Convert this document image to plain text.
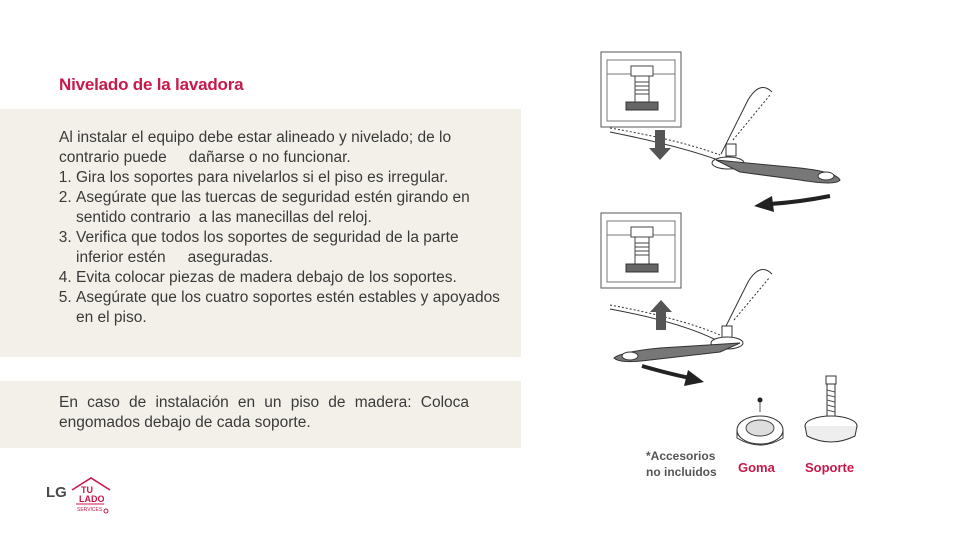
Nivelado de la lavadora
Al instalar el equipo debe estar alineado y nivelado; de lo
contrario puede dañarse o no funcionar.
1. Gira los soportes para nivelarlos si el piso es irregular.
2. Asegúrate que las tuercas de seguridad estén girando en sentido contrario a las manecillas del reloj.
3. Verifica que todos los soportes de seguridad de la parte inferior estén aseguradas.
4. Evita colocar piezas de madera debajo de los soportes.
5. Asegúrate que los cuatro soportes estén estables y apoyados en el piso.
En caso de instalación en un piso de madera: Coloca engomados debajo de cada soporte.
*Accesorios
no incluidos Goma Soporte
LG TU
LADO
SERVICES
